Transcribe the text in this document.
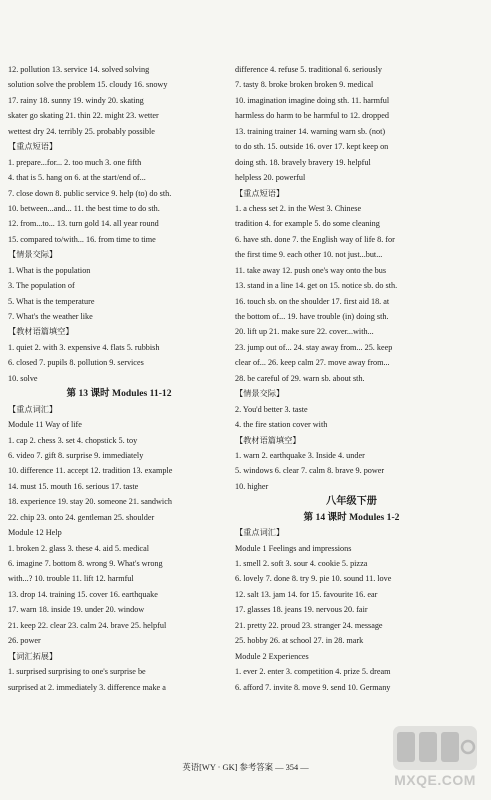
12. pollution 13. service 14. solved solving
solution solve the problem 15. cloudy 16. snowy
17. rainy 18. sunny 19. windy 20. skating
skater go skating 21. thin 22. might 23. wetter
wettest dry 24. terribly 25. probably possible
【重点短语】
1. prepare...for... 2. too much 3. one fifth
4. that is 5. hang on 6. at the start/end of...
7. close down 8. public service 9. help (to) do sth.
10. between...and... 11. the best time to do sth.
12. from...to... 13. turn gold 14. all year round
15. compared to/with... 16. from time to time
【情景交际】
1. What is the population
3. The population of
5. What is the temperature
7. What's the weather like
【教材语篇填空】
1. quiet 2. with 3. expensive 4. flats 5. rubbish
6. closed 7. pupils 8. pollution 9. services
10. solve
第 13 课时 Modules 11-12
【重点词汇】
Module 11 Way of life
1. cap 2. chess 3. set 4. chopstick 5. toy
6. video 7. gift 8. surprise 9. immediately
10. difference 11. accept 12. tradition 13. example
14. must 15. mouth 16. serious 17. taste
18. experience 19. stay 20. someone 21. sandwich
22. chip 23. onto 24. gentleman 25. shoulder
Module 12 Help
1. broken 2. glass 3. these 4. aid 5. medical
6. imagine 7. bottom 8. wrong 9. What's wrong
with...? 10. trouble 11. lift 12. harmful
13. drop 14. training 15. cover 16. earthquake
17. warn 18. inside 19. under 20. window
21. keep 22. clear 23. calm 24. brave 25. helpful
26. power
【词汇拓展】
1. surprised surprising to one's surprise be
surprised at 2. immediately 3. difference make a
difference 4. refuse 5. traditional 6. seriously
7. tasty 8. broke broken broken 9. medical
10. imagination imagine doing sth. 11. harmful
harmless do harm to be harmful to 12. dropped
13. training trainer 14. warning warn sb. (not)
to do sth. 15. outside 16. over 17. kept keep on
doing sth. 18. bravely bravery 19. helpful
helpless 20. powerful
【重点短语】
1. a chess set 2. in the West 3. Chinese
tradition 4. for example 5. do some cleaning
6. have sth. done 7. the English way of life 8. for
the first time 9. each other 10. not just...but...
11. take away 12. push one's way onto the bus
13. stand in a line 14. get on 15. notice sb. do sth.
16. touch sb. on the shoulder 17. first aid 18. at
the bottom of... 19. have trouble (in) doing sth.
20. lift up 21. make sure 22. cover...with...
23. jump out of... 24. stay away from... 25. keep
clear of... 26. keep calm 27. move away from...
28. be careful of 29. warn sb. about sth.
【情景交际】
2. You'd better 3. taste
4. the fire station cover with
【教材语篇填空】
1. warn 2. earthquake 3. Inside 4. under
5. windows 6. clear 7. calm 8. brave 9. power
10. higher
八年级下册
第 14 课时 Modules 1-2
【重点词汇】
Module 1 Feelings and impressions
1. smell 2. soft 3. sour 4. cookie 5. pizza
6. lovely 7. done 8. try 9. pie 10. sound 11. love
12. salt 13. jam 14. for 15. favourite 16. ear
17. glasses 18. jeans 19. nervous 20. fair
21. pretty 22. proud 23. stranger 24. message
25. hobby 26. at school 27. in 28. mark
Module 2 Experiences
1. ever 2. enter 3. competition 4. prize 5. dream
6. afford 7. invite 8. move 9. send 10. Germany
英语[WY · GK] 参考答案 — 354 —
MXQE.COM
